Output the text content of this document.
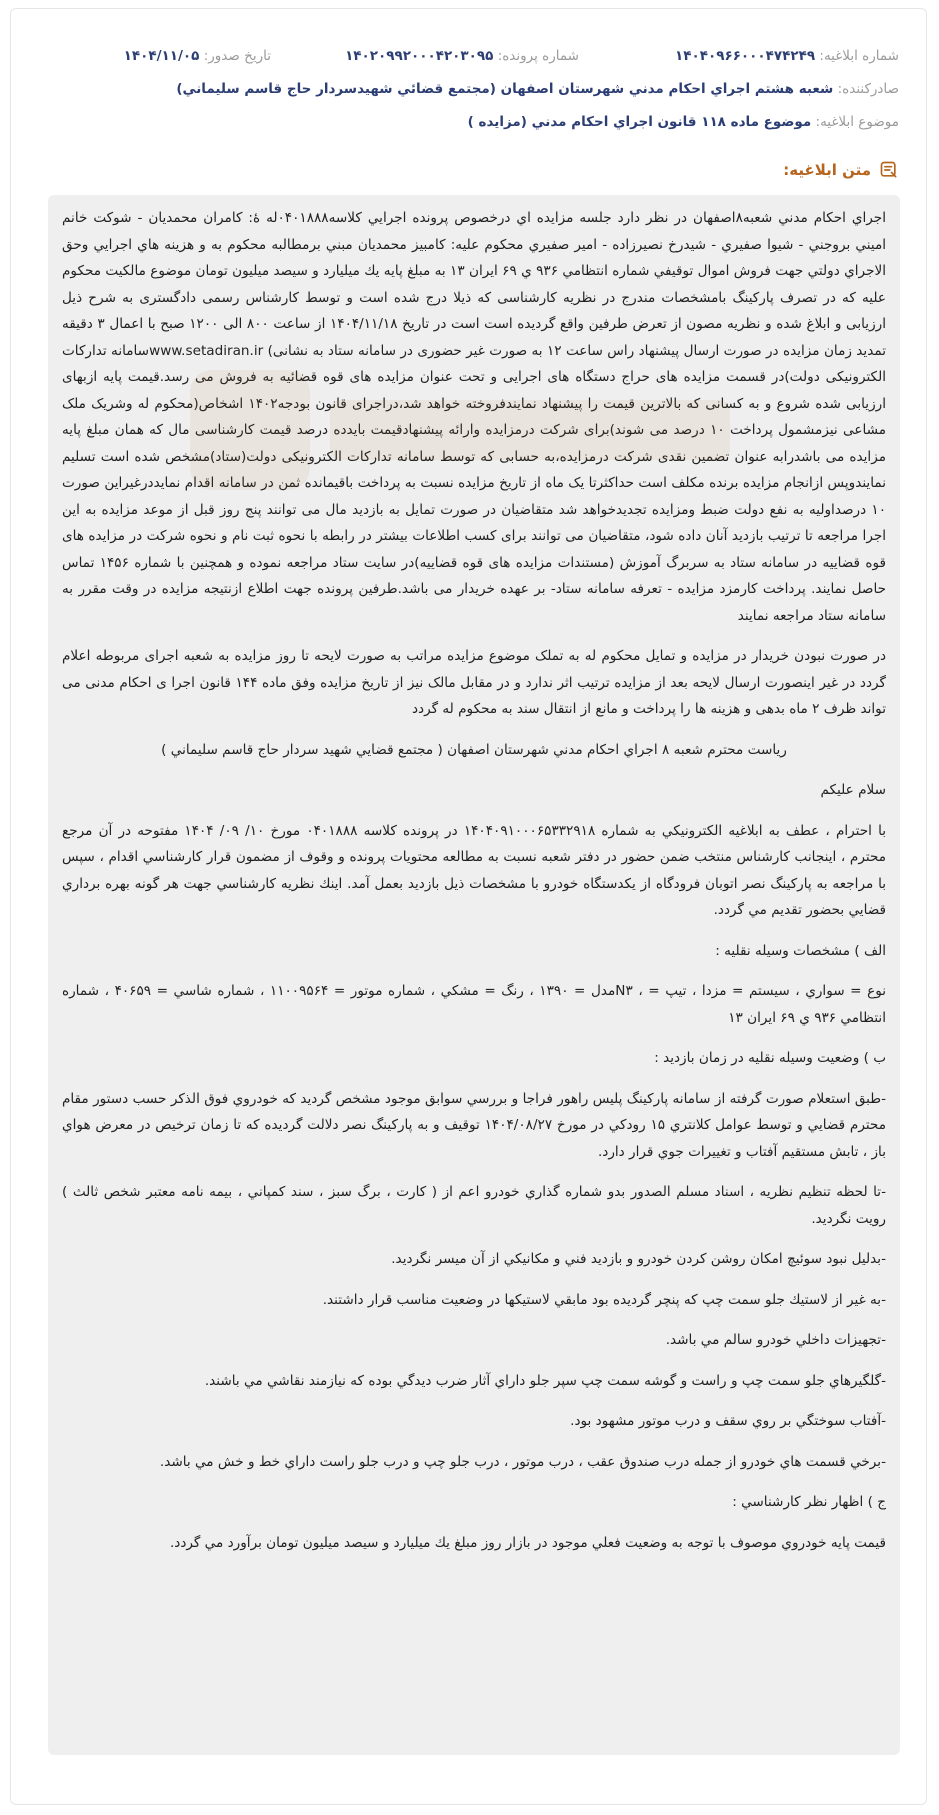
شماره ابلاغیه: ۱۴۰۴۰۹۶۶۰۰۰۴۷۴۲۴۹
شماره پرونده: ۱۴۰۲۰۹۹۲۰۰۰۴۲۰۳۰۹۵
تاریخ صدور: ۱۴۰۴/۱۱/۰۵
صادرکننده: شعبه هشتم اجراي احكام مدني شهرستان اصفهان (مجتمع قضائي شهيدسردار حاج قاسم سليماني)
موضوع ابلاغیه: موضوع ماده ۱۱۸ قانون اجراي احكام مدني (مزايده )
متن ابلاغیه:

اجراي احكام مدني شعبه۸اصفهان در نظر دارد جلسه مزايده اي درخصوص پرونده اجرايي كلاسه۰۴۰۱۸۸۸له ۀ: كامران محمديان - شوكت خانم اميني بروجني - شيوا صفيري - شيدرخ نصيرزاده - امير صفيري محكوم عليه: كامبيز محمديان مبني برمطالبه محكوم به و هزينه هاي اجرايي وحق الاجراي دولتي جهت فروش اموال توقيفي شماره انتظامي ۹۳۶ ي ۶۹ ايران ۱۳ به مبلغ پايه يك ميليارد و سيصد ميليون تومان موضوع مالكيت محكوم عليه كه در تصرف پاركينگ بامشخصات مندرج در نظريه كارشناسی كه ذيلا درج شده است و توسط كارشناس رسمی دادگستری به شرح ذيل ارزيابی و ابلاغ شده و نظريه مصون از تعرض طرفين واقع گرديده است است در تاريخ ۱۴۰۴/۱۱/۱۸ از ساعت ۸۰۰ الی ۱۲۰۰ صبح با اعمال ۳ دقيقه تمديد زمان مزايده در صورت ارسال پيشنهاد راس ساعت ۱۲ به صورت غير حضوری در سامانه ستاد به نشانی) www.setadiran.irسامانه تداركات الكترونيكی دولت)در قسمت مزايده های حراج دستگاه های اجرايی و تحت عنوان مزايده های قوه قضائيه به فروش می رسد.قيمت پايه ازبهای ارزيابی شده شروع و به كسانی كه بالاترين قيمت را پيشنهاد نمايندفروخته خواهد شد،دراجرای قانون بودجه۱۴۰۲ اشخاص(محكوم له وشريک ملک مشاعی نيزمشمول پرداخت ۱۰ درصد می شوند)برای شركت درمزايده وارائه پيشنهادقيمت بايدده درصد قيمت كارشناسی مال كه همان مبلغ پايه مزايده می باشدرابه عنوان تضمين نقدی شركت درمزايده،به حسابی كه توسط سامانه تداركات الكترونيكی دولت(ستاد)مشخص شده است تسليم نمايندوپس ازانجام مزايده برنده مكلف است حداكثرتا يک ماه از تاريخ مزايده نسبت به پرداخت باقيمانده ثمن در سامانه اقدام نمايددرغيراين صورت ۱۰ درصداوليه به نفع دولت ضبط ومزايده تجديدخواهد شد متقاضيان در صورت تمايل به بازديد مال می توانند پنج روز قبل از موعد مزايده به اين اجرا مراجعه تا ترتيب بازديد آنان داده شود، متقاضيان می توانند برای كسب اطلاعات بيشتر در رابطه با نحوه ثبت نام و نحوه شركت در مزايده های قوه قضاييه در سامانه ستاد به سربرگ آموزش (مستندات مزايده های قوه قضاييه)در سايت ستاد مراجعه نموده و همچنين با شماره ۱۴۵۶ تماس حاصل نمايند. پرداخت كارمزد مزايده - تعرفه سامانه ستاد- بر عهده خريدار می باشد.طرفين پرونده جهت اطلاع ازنتيجه مزايده در وقت مقرر به سامانه ستاد مراجعه نمايند

در صورت نبودن خريدار در مزايده و تمايل محكوم له به تملک موضوع مزايده مراتب به صورت لايحه تا روز مزايده به شعبه اجرای مربوطه اعلام گردد در غير اينصورت ارسال لايحه بعد از مزايده ترتيب اثر ندارد و در مقابل مالک نيز از تاريخ مزايده وفق ماده ۱۴۴ قانون اجرا ی احكام مدنی می تواند ظرف ۲ ماه بدهی و هزينه ها را پرداخت و مانع از انتقال سند به محكوم له گردد

رياست محترم شعبه ۸ اجراي احكام مدني شهرستان اصفهان ( مجتمع قضايي شهيد سردار حاج قاسم سليماني )

سلام عليكم

با احترام ، عطف به ابلاغيه الكترونيكي به شماره ۱۴۰۴۰۹۱۰۰۰۶۵۳۳۲۹۱۸ در پرونده كلاسه ۰۴۰۱۸۸۸ مورخ ۱۰/ ۰۹/ ۱۴۰۴ مفتوحه در آن مرجع محترم ، اينجانب كارشناس منتخب ضمن حضور در دفتر شعبه نسبت به مطالعه محتويات پرونده و وقوف از مضمون قرار كارشناسي اقدام ، سپس با مراجعه به پاركينگ نصر اتوبان فرودگاه از يكدستگاه خودرو با مشخصات ذيل بازديد بعمل آمد. اينك نظريه كارشناسي جهت هر گونه بهره برداري قضايي بحضور تقديم مي گردد.

الف ) مشخصات وسيله نقليه :

نوع = سواري ، سيستم = مزدا ، تيپ = ، N۳مدل = ۱۳۹۰ ، رنگ = مشكي ، شماره موتور = ۱۱۰۰۹۵۶۴ ، شماره شاسي = ۴۰۶۵۹ ، شماره انتظامي ۹۳۶ ي ۶۹ ايران ۱۳

ب ) وضعيت وسيله نقليه در زمان بازديد :

-طبق استعلام صورت گرفته از سامانه پاركينگ پليس راهور فراجا و بررسي سوابق موجود مشخص گرديد كه خودروي فوق الذكر حسب دستور مقام محترم قضايي و توسط عوامل كلانتري ۱۵ رودكي در مورخ ۱۴۰۴/۰۸/۲۷ توقيف و به پاركينگ نصر دلالت گرديده كه تا زمان ترخيص در معرض هواي باز ، تابش مستقيم آفتاب و تغييرات جوي قرار دارد.

-تا لحظه تنظيم نظريه ، اسناد مسلم الصدور بدو شماره گذاري خودرو اعم از ( كارت ، برگ سبز ، سند كمپاني ، بيمه نامه معتبر شخص ثالث ) رويت نگرديد.

-بدليل نبود سوئيچ امكان روشن كردن خودرو و بازديد فني و مكانيكي از آن ميسر نگرديد.

-به غير از لاستيك جلو سمت چپ كه پنچر گرديده بود مابقي لاستيكها در وضعيت مناسب قرار داشتند.

-تجهيزات داخلي خودرو سالم مي باشد.

-گلگيرهاي جلو سمت چپ و راست و گوشه سمت چپ سپر جلو داراي آثار ضرب ديدگي بوده كه نيازمند نقاشي مي باشند.

-آفتاب سوختگي بر روي سقف و درب موتور مشهود بود.

-برخي قسمت هاي خودرو از جمله درب صندوق عقب ، درب موتور ، درب جلو چپ و درب جلو راست داراي خط و خش مي باشد.

ج ) اظهار نظر كارشناسي :

قيمت پايه خودروي موصوف با توجه به وضعيت فعلي موجود در بازار روز مبلغ يك ميليارد و سيصد ميليون تومان برآورد مي گردد.
